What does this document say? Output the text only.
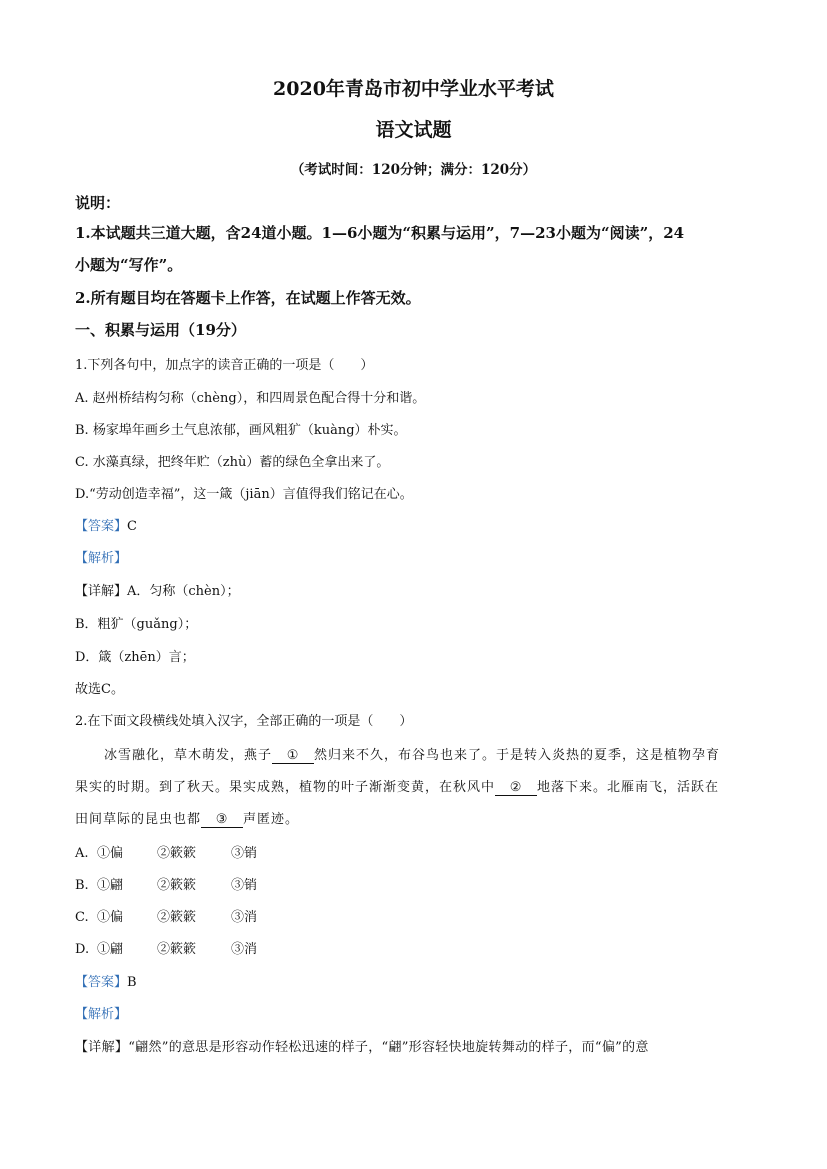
2020年青岛市初中学业水平考试
语文试题
（考试时间：120分钟；满分：120分）
说明：
1.本试题共三道大题，含24道小题。1—6小题为“积累与运用”，7—23小题为“阅读”，24
小题为“写作”。
2.所有题目均在答题卡上作答，在试题上作答无效。
一、积累与运用（19分）
1.下列各句中，加点字的读音正确的一项是（　　）
A. 赵州桥结构匀称（chèng），和四周景色配合得十分和谐。
B. 杨家埠年画乡土气息浓郁，画风粗犷（kuàng）朴实。
C. 水藻真绿，把终年贮（zhù）蓄的绿色全拿出来了。
D.“劳动创造幸福”，这一箴（jiān）言值得我们铭记在心。
【答案】C
【解析】
【详解】A．匀称（chèn）；
B．粗犷（guǎng）；
D．箴（zhēn）言；
故选C。
2.在下面文段横线处填入汉字，全部正确的一项是（　　）
冰雪融化，草木萌发，燕子 ① 然归来不久，布谷鸟也来了。于是转入炎热的夏季，这是植物孕育
果实的时期。到了秋天。果实成熟，植物的叶子渐渐变黄，在秋风中 ② 地落下来。北雁南飞，活跃在
田间草际的昆虫也都 ③ 声匿迹。
A. ①偏	②簌簌	③销
B. ①翩	②簌簌	③销
C. ①偏	②簌簌	③消
D. ①翩	②簌簌	③消
【答案】B
【解析】
【详解】“翩然”的意思是形容动作轻松迅速的样子，“翩”形容轻快地旋转舞动的样子，而“偏”的意
